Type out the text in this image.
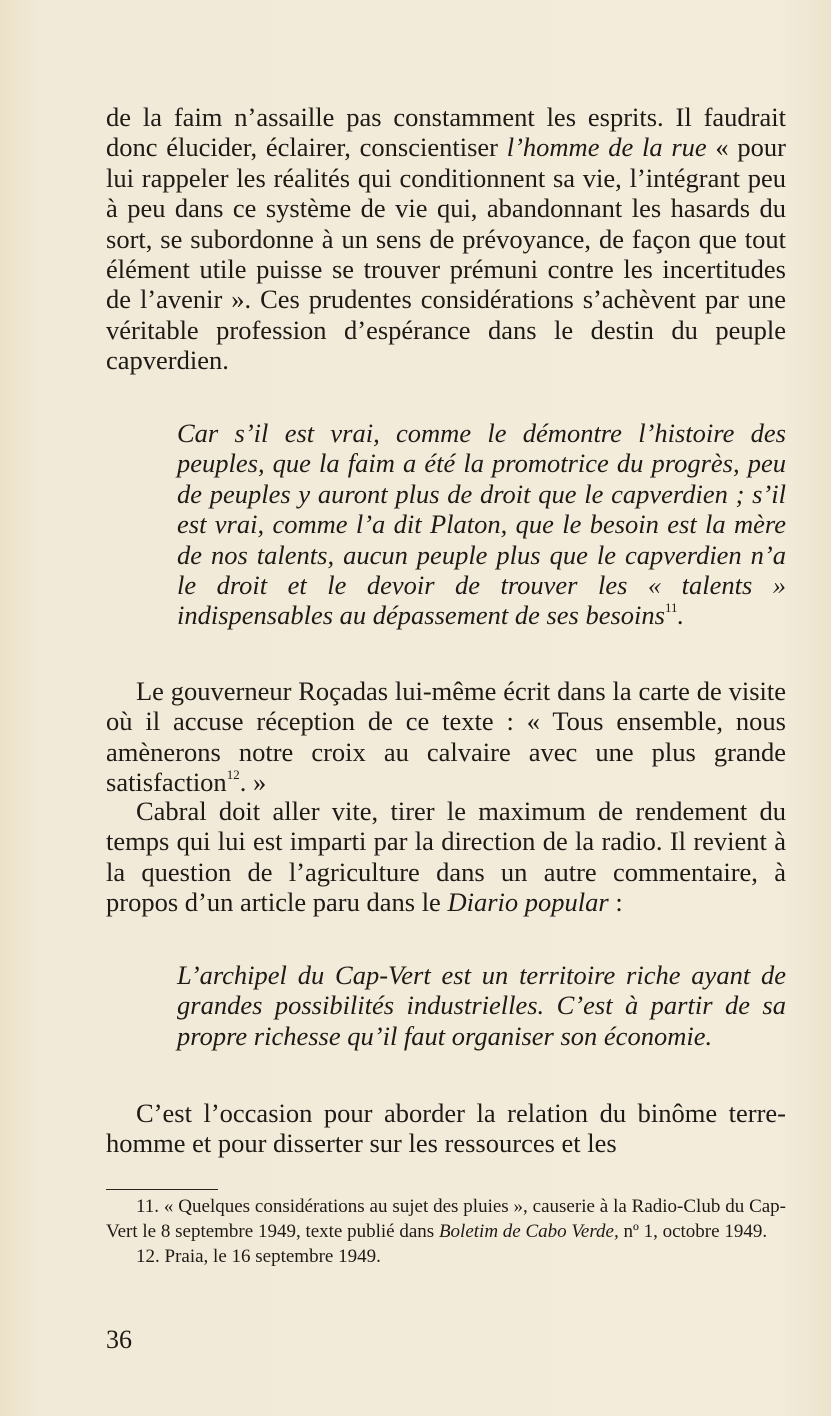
de la faim n’assaille pas constamment les esprits. Il faudrait donc élucider, éclairer, conscientiser l’homme de la rue « pour lui rappeler les réalités qui conditionnent sa vie, l’intégrant peu à peu dans ce système de vie qui, abandonnant les hasards du sort, se subordonne à un sens de prévoyance, de façon que tout élément utile puisse se trouver prémuni contre les incertitudes de l’avenir ». Ces prudentes considérations s’achèvent par une véritable profession d’espérance dans le destin du peuple capverdien.

Car s’il est vrai, comme le démontre l’histoire des peuples, que la faim a été la promotrice du progrès, peu de peuples y auront plus de droit que le capverdien ; s’il est vrai, comme l’a dit Platon, que le besoin est la mère de nos talents, aucun peuple plus que le capverdien n’a le droit et le devoir de trouver les « talents » indispensables au dépassement de ses besoins$^{11}$.

Le gouverneur Roçadas lui-même écrit dans la carte de visite où il accuse réception de ce texte : « Tous ensemble, nous amènerons notre croix au calvaire avec une plus grande satisfaction$^{12}$. »

Cabral doit aller vite, tirer le maximum de rendement du temps qui lui est imparti par la direction de la radio. Il revient à la question de l’agriculture dans un autre commentaire, à propos d’un article paru dans le Diario popular :

L’archipel du Cap-Vert est un territoire riche ayant de grandes possibilités industrielles. C’est à partir de sa propre richesse qu’il faut organiser son économie.

C’est l’occasion pour aborder la relation du binôme terre-homme et pour disserter sur les ressources et les

11. « Quelques considérations au sujet des pluies », causerie à la Radio-Club du Cap-Vert le 8 septembre 1949, texte publié dans Boletim de Cabo Verde, nº 1, octobre 1949.

12. Praia, le 16 septembre 1949.

36
